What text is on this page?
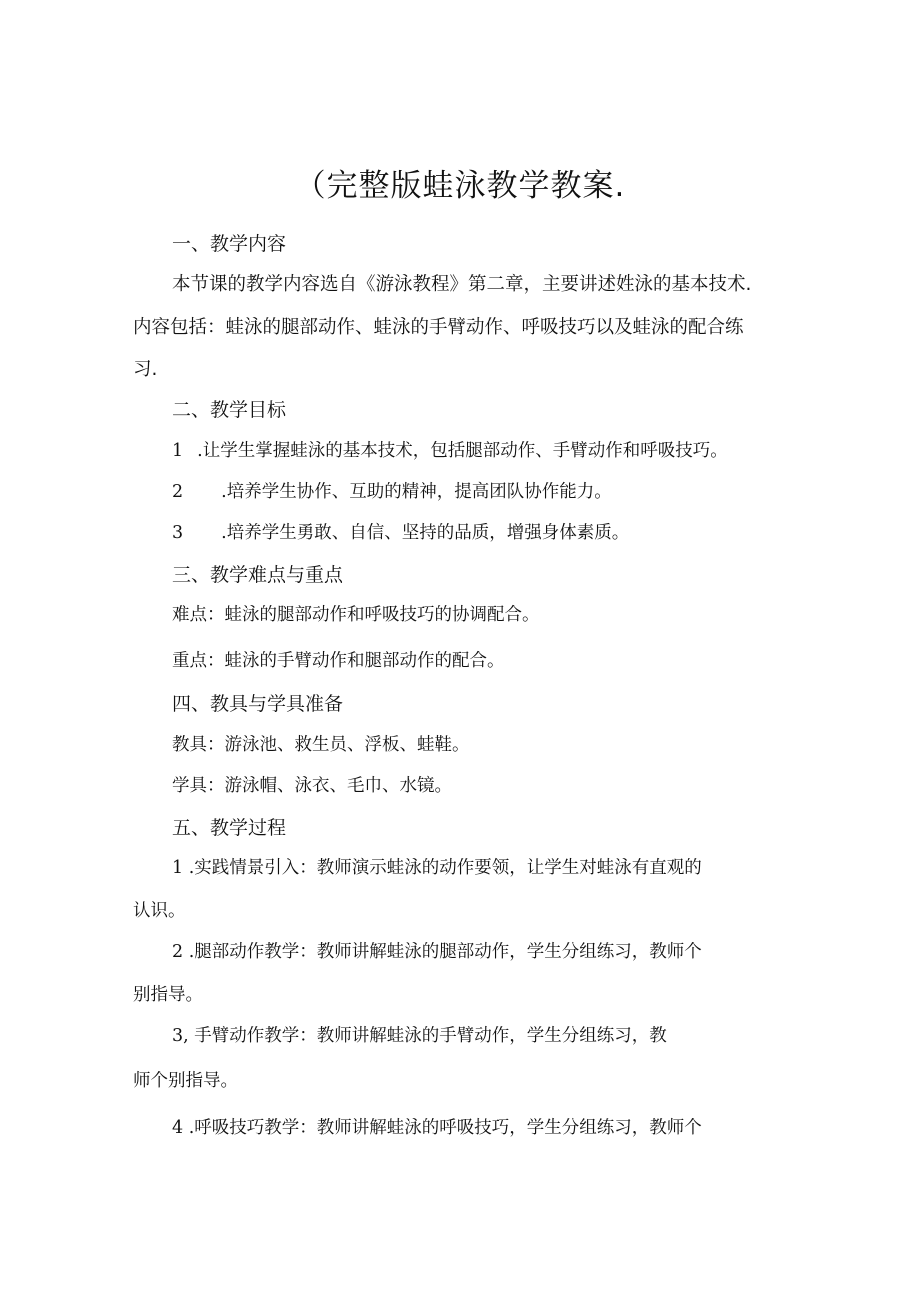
（完整版蛙泳教学教案.
一、教学内容
本节课的教学内容选自《游泳教程》第二章，主要讲述姓泳的基本技术.
内容包括：蛙泳的腿部动作、蛙泳的手臂动作、呼吸技巧以及蛙泳的配合练
习.
二、教学目标
1 .让学生掌握蛙泳的基本技术，包括腿部动作、手臂动作和呼吸技巧。
2 .培养学生协作、互助的精神，提高团队协作能力。
3 .培养学生勇敢、自信、坚持的品质，增强身体素质。
三、教学难点与重点
难点：蛙泳的腿部动作和呼吸技巧的协调配合。
重点：蛙泳的手臂动作和腿部动作的配合。
四、教具与学具准备
教具：游泳池、救生员、浮板、蛙鞋。
学具：游泳帽、泳衣、毛巾、水镜。
五、教学过程
1 .实践情景引入：教师演示蛙泳的动作要领，让学生对蛙泳有直观的
认识。
2 .腿部动作教学：教师讲解蛙泳的腿部动作，学生分组练习，教师个
别指导。
3, 手臂动作教学：教师讲解蛙泳的手臂动作，学生分组练习，教
师个别指导。
4 .呼吸技巧教学：教师讲解蛙泳的呼吸技巧，学生分组练习，教师个
